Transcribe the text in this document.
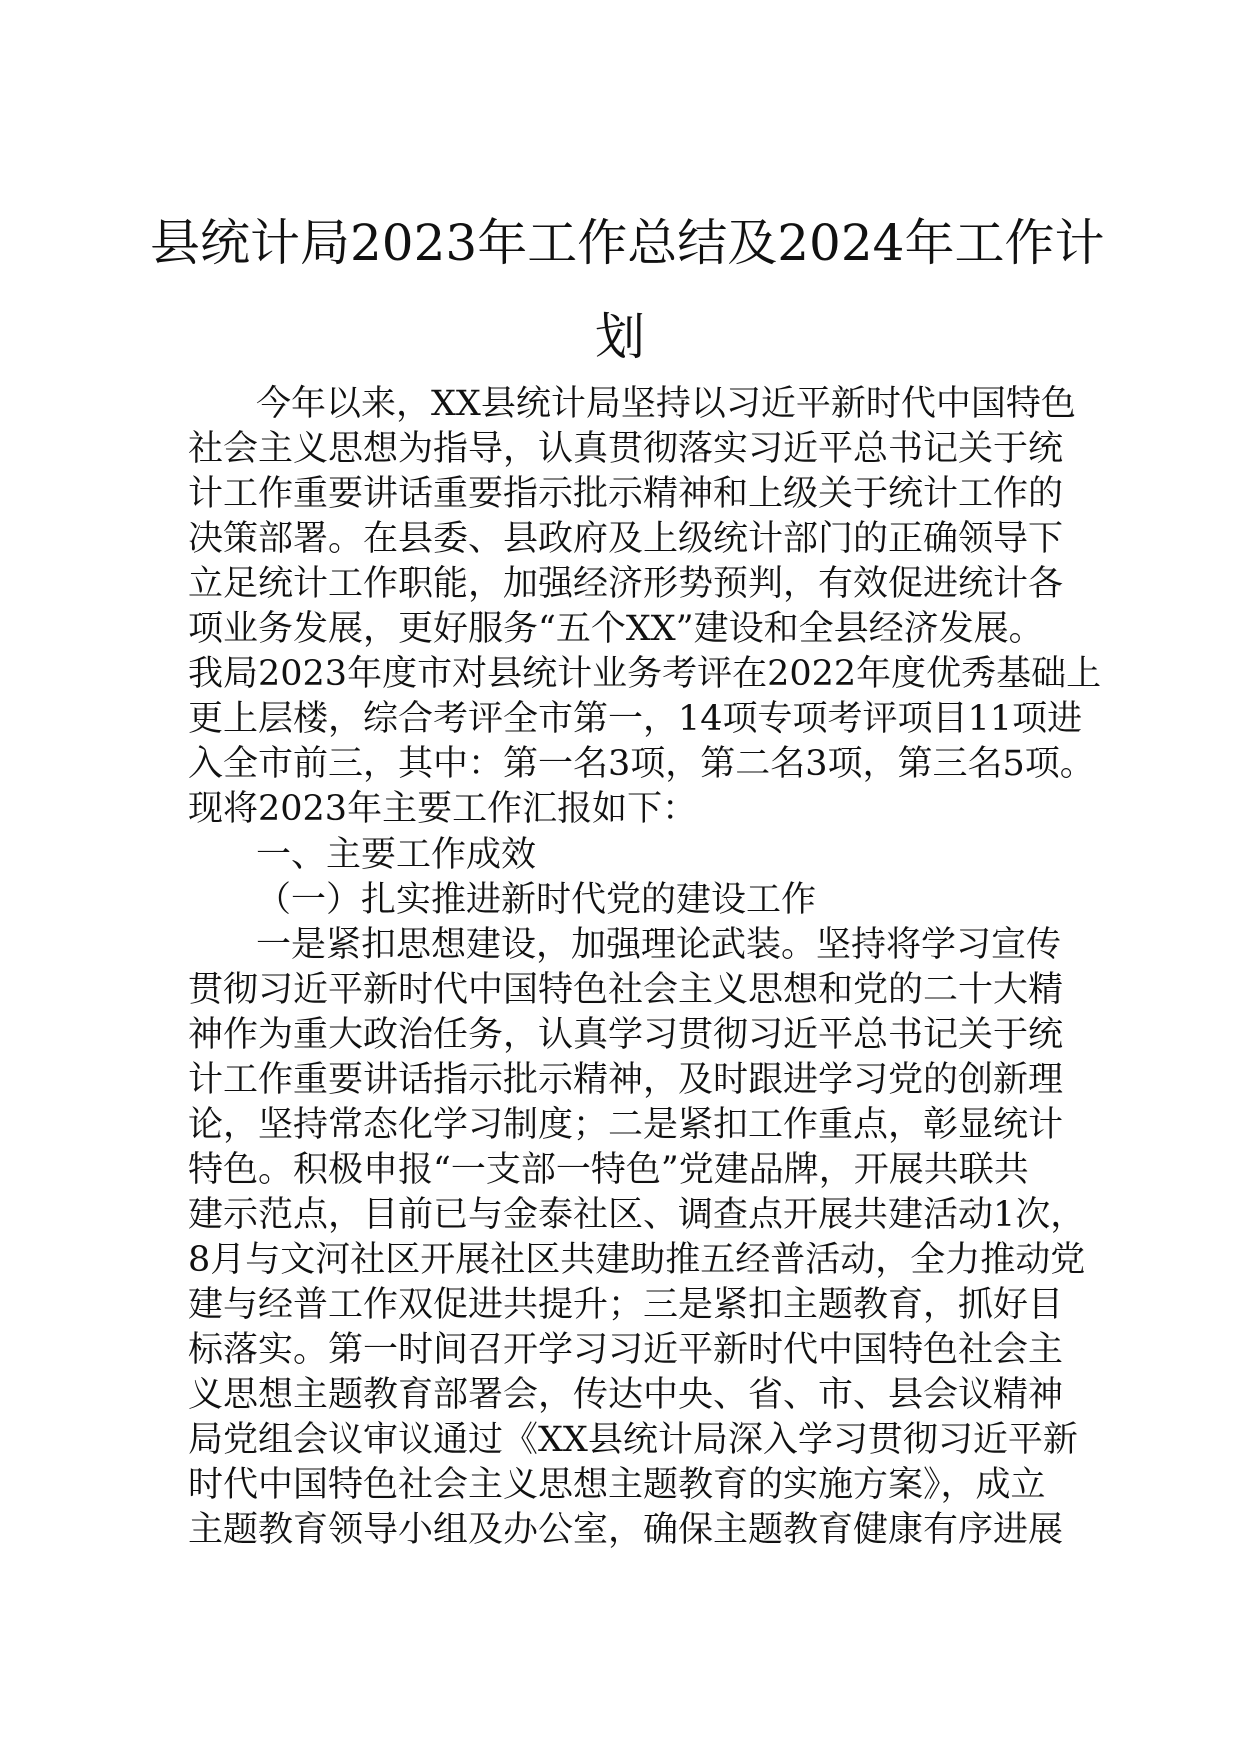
县统计局2023年工作总结及2024年工作计
划
今年以来，XX县统计局坚持以习近平新时代中国特色
社会主义思想为指导，认真贯彻落实习近平总书记关于统
计工作重要讲话重要指示批示精神和上级关于统计工作的
决策部署。在县委、县政府及上级统计部门的正确领导下
立足统计工作职能，加强经济形势预判，有效促进统计各
项业务发展，更好服务“五个XX”建设和全县经济发展。
我局2023年度市对县统计业务考评在2022年度优秀基础上
更上层楼，综合考评全市第一，14项专项考评项目11项进
入全市前三，其中：第一名3项，第二名3项，第三名5项。
现将2023年主要工作汇报如下：
一、主要工作成效
（一）扎实推进新时代党的建设工作
一是紧扣思想建设，加强理论武装。坚持将学习宣传
贯彻习近平新时代中国特色社会主义思想和党的二十大精
神作为重大政治任务，认真学习贯彻习近平总书记关于统
计工作重要讲话指示批示精神，及时跟进学习党的创新理
论，坚持常态化学习制度；二是紧扣工作重点，彰显统计
特色。积极申报“一支部一特色”党建品牌，开展共联共
建示范点，目前已与金泰社区、调查点开展共建活动1次，
8月与文河社区开展社区共建助推五经普活动，全力推动党
建与经普工作双促进共提升；三是紧扣主题教育，抓好目
标落实。第一时间召开学习习近平新时代中国特色社会主
义思想主题教育部署会，传达中央、省、市、县会议精神
局党组会议审议通过《XX县统计局深入学习贯彻习近平新
时代中国特色社会主义思想主题教育的实施方案》，成立
主题教育领导小组及办公室，确保主题教育健康有序进展
